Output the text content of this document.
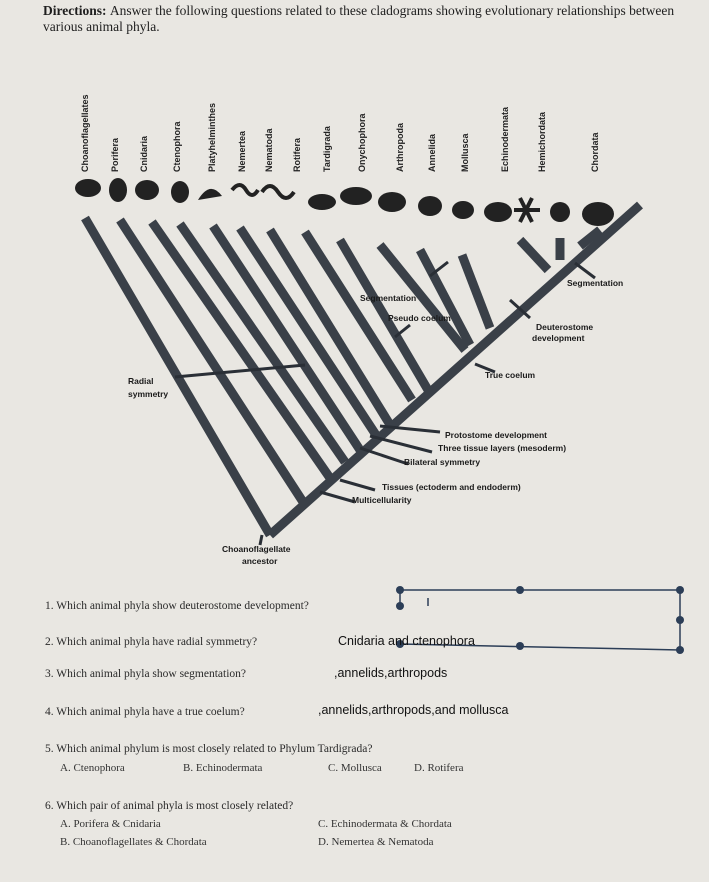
Directions: Answer the following questions related to these cladograms showing evolutionary relationships between various animal phyla.
Choanoflagellates Porifera Cnidaria	Ctenophora	Platyhelminthes Nemertea Nematoda Rotifera Tardigrada	Onychophora	Arthropoda Annelida	Mollusca	Echinodermata	Hemichordata	Chordata
Segmentation
Segmentation
Pseudo coelum
Deuterostome
development
Radial
symmetry
True coelum
Protostome development
Three tissue layers (mesoderm)
Bilateral symmetry
Tissues (ectoderm and endoderm)
Multicellularity
Choanoflagellate
ancestor
1. Which animal phyla show deuterostome development?
2. Which animal phyla have radial symmetry?	Cnidaria and ctenophora
3. Which animal phyla show segmentation?	,annelids,arthropods
4. Which animal phyla have a true coelum?	,annelids,arthropods,and mollusca
5. Which animal phylum is most closely related to Phylum Tardigrada?
A. Ctenophora	B. Echinodermata	C. Mollusca	D. Rotifera
6. Which pair of animal phyla is most closely related?
A. Porifera & Cnidaria	C. Echinodermata & Chordata
B. Choanoflagellates & Chordata	D. Nemertea & Nematoda
